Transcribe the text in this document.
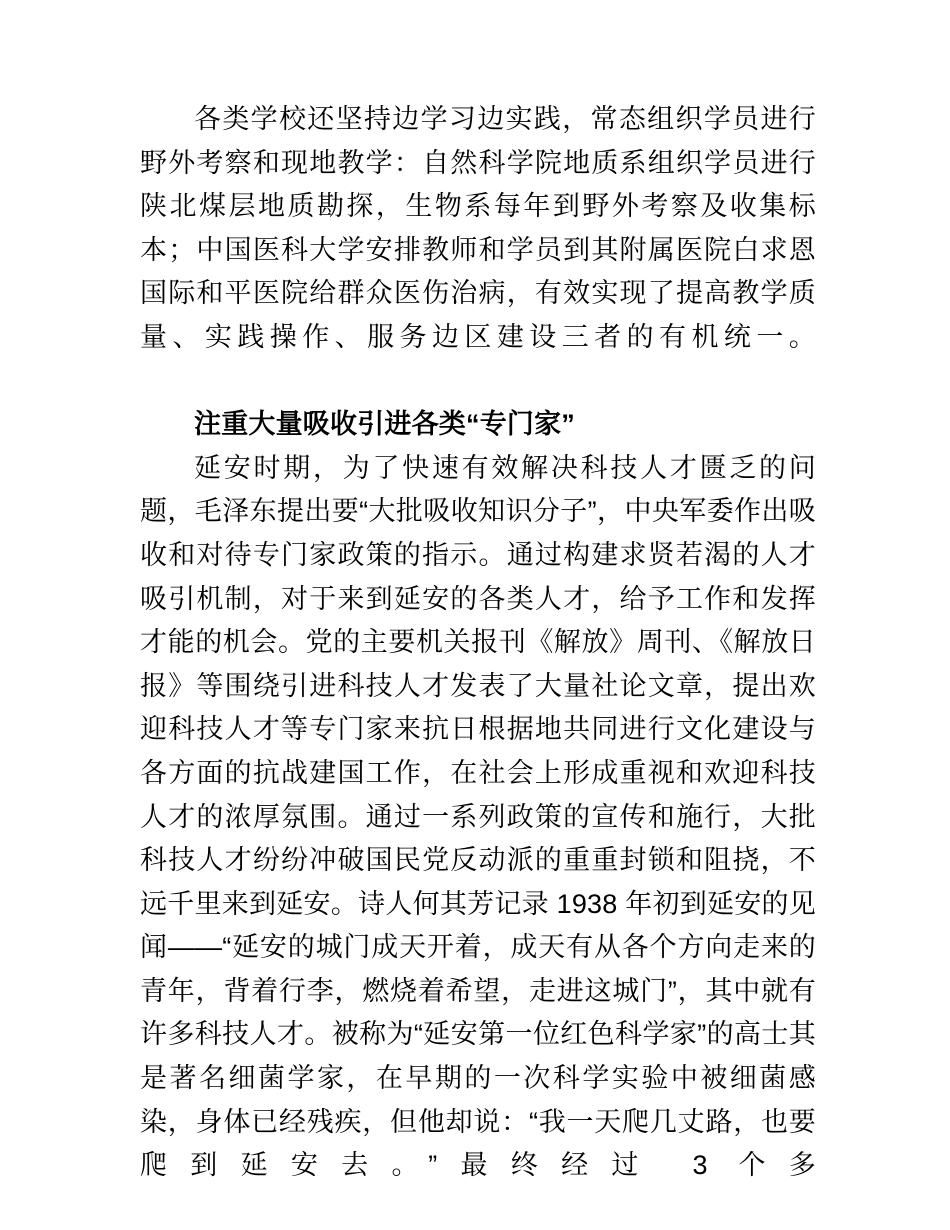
各类学校还坚持边学习边实践，常态组织学员进行野外考察和现地教学：自然科学院地质系组织学员进行陕北煤层地质勘探，生物系每年到野外考察及收集标本；中国医科大学安排教师和学员到其附属医院白求恩国际和平医院给群众医伤治病，有效实现了提高教学质量、实践操作、服务边区建设三者的有机统一。

注重大量吸收引进各类“专门家”

延安时期，为了快速有效解决科技人才匮乏的问题，毛泽东提出要“大批吸收知识分子”，中央军委作出吸收和对待专门家政策的指示。通过构建求贤若渴的人才吸引机制，对于来到延安的各类人才，给予工作和发挥才能的机会。党的主要机关报刊《解放》周刊、《解放日报》等围绕引进科技人才发表了大量社论文章，提出欢迎科技人才等专门家来抗日根据地共同进行文化建设与各方面的抗战建国工作，在社会上形成重视和欢迎科技人才的浓厚氛围。通过一系列政策的宣传和施行，大批科技人才纷纷冲破国民党反动派的重重封锁和阻挠，不远千里来到延安。诗人何其芳记录 1938 年初到延安的见闻——“延安的城门成天开着，成天有从各个方向走来的青年，背着行李，燃烧着希望，走进这城门”，其中就有许多科技人才。被称为“延安第一位红色科学家”的高士其是著名细菌学家，在早期的一次科学实验中被细菌感染，身体已经残疾，但他却说：“我一天爬几丈路，也要爬到延安去。”最终经过 3 个多
